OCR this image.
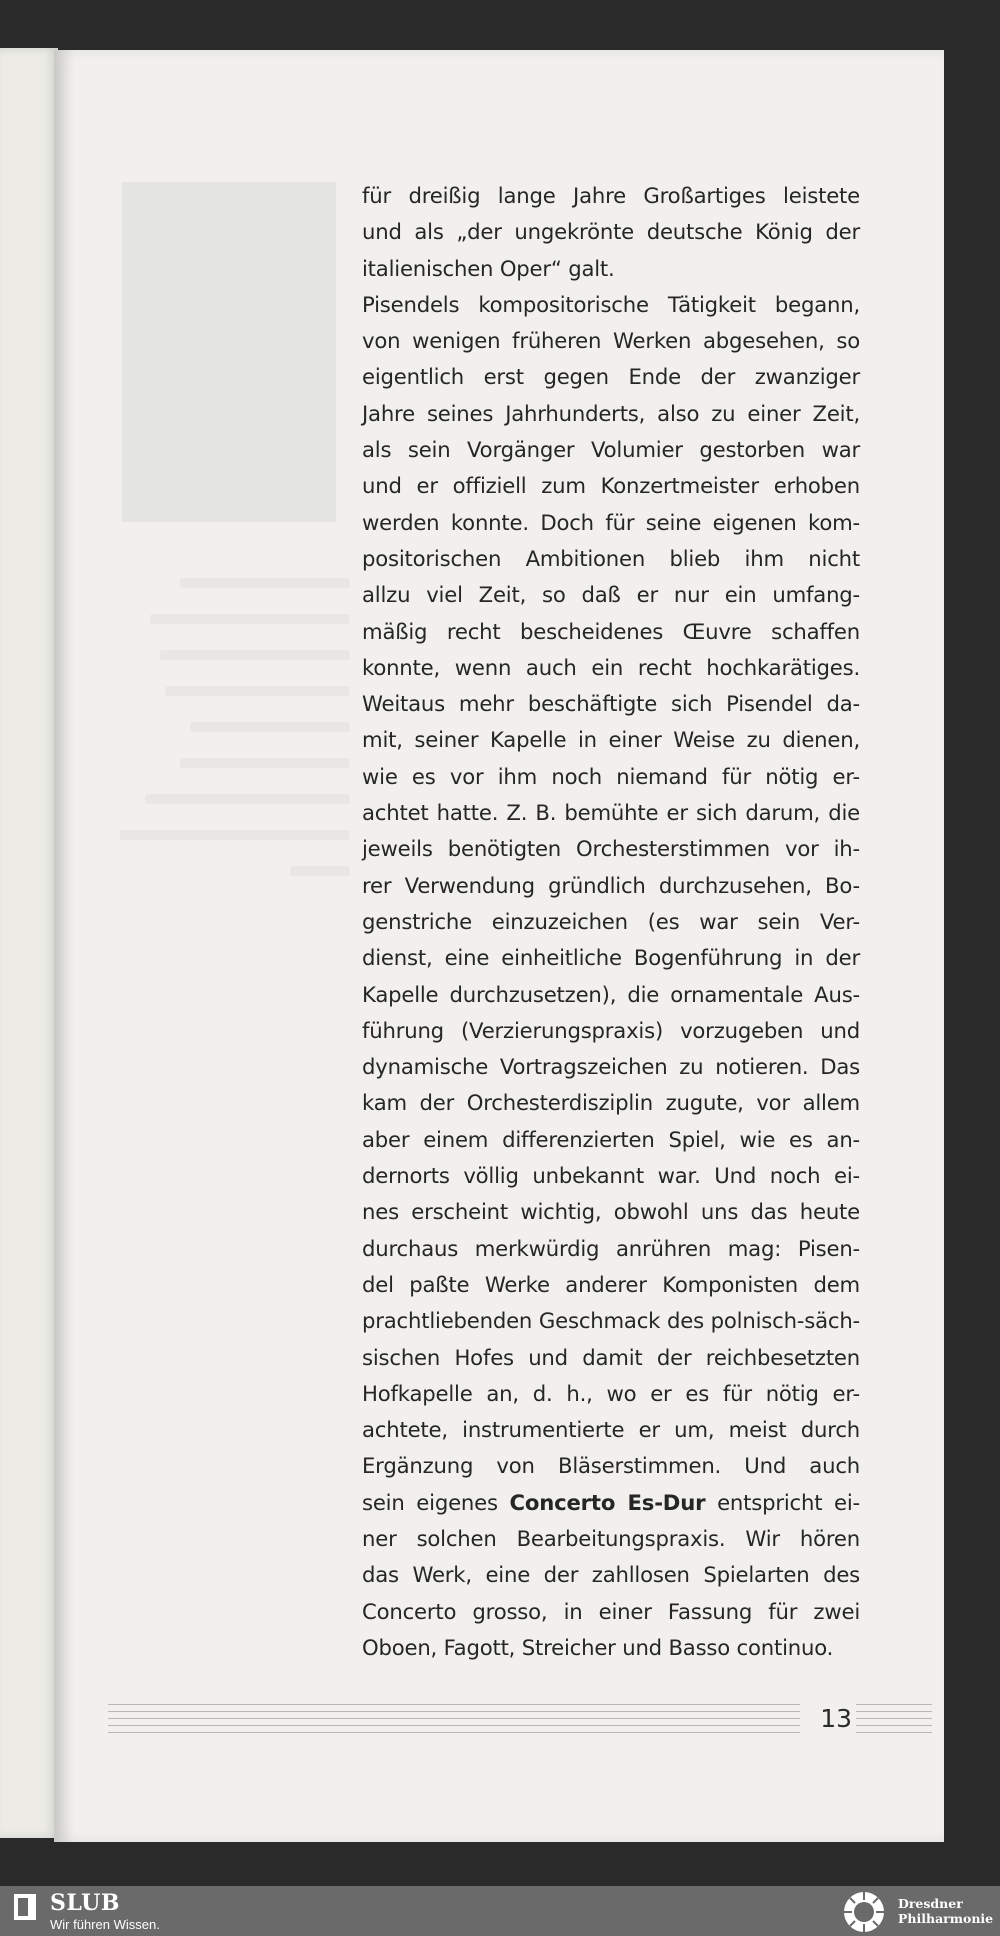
für dreißig lange Jahre Großartiges leistete
und als „der ungekrönte deutsche König der
italienischen Oper“ galt.
Pisendels kompositorische Tätigkeit begann,
von wenigen früheren Werken abgesehen, so
eigentlich erst gegen Ende der zwanziger
Jahre seines Jahrhunderts, also zu einer Zeit,
als sein Vorgänger Volumier gestorben war
und er offiziell zum Konzertmeister erhoben
werden konnte. Doch für seine eigenen kom-
positorischen Ambitionen blieb ihm nicht
allzu viel Zeit, so daß er nur ein umfang-
mäßig recht bescheidenes Œuvre schaffen
konnte, wenn auch ein recht hochkarätiges.
Weitaus mehr beschäftigte sich Pisendel da-
mit, seiner Kapelle in einer Weise zu dienen,
wie es vor ihm noch niemand für nötig er-
achtet hatte. Z. B. bemühte er sich darum, die
jeweils benötigten Orchesterstimmen vor ih-
rer Verwendung gründlich durchzusehen, Bo-
genstriche einzuzeichen (es war sein Ver-
dienst, eine einheitliche Bogenführung in der
Kapelle durchzusetzen), die ornamentale Aus-
führung (Verzierungspraxis) vorzugeben und
dynamische Vortragszeichen zu notieren. Das
kam der Orchesterdisziplin zugute, vor allem
aber einem differenzierten Spiel, wie es an-
dernorts völlig unbekannt war. Und noch ei-
nes erscheint wichtig, obwohl uns das heute
durchaus merkwürdig anrühren mag: Pisen-
del paßte Werke anderer Komponisten dem
prachtliebenden Geschmack des polnisch-säch-
sischen Hofes und damit der reichbesetzten
Hofkapelle an, d. h., wo er es für nötig er-
achtete, instrumentierte er um, meist durch
Ergänzung von Bläserstimmen. Und auch
sein eigenes Concerto Es-Dur entspricht ei-
ner solchen Bearbeitungspraxis. Wir hören
das Werk, eine der zahllosen Spielarten des
Concerto grosso, in einer Fassung für zwei
Oboen, Fagott, Streicher und Basso continuo.
13
SLUB
Wir führen Wissen.
Dresdner
Philharmonie
